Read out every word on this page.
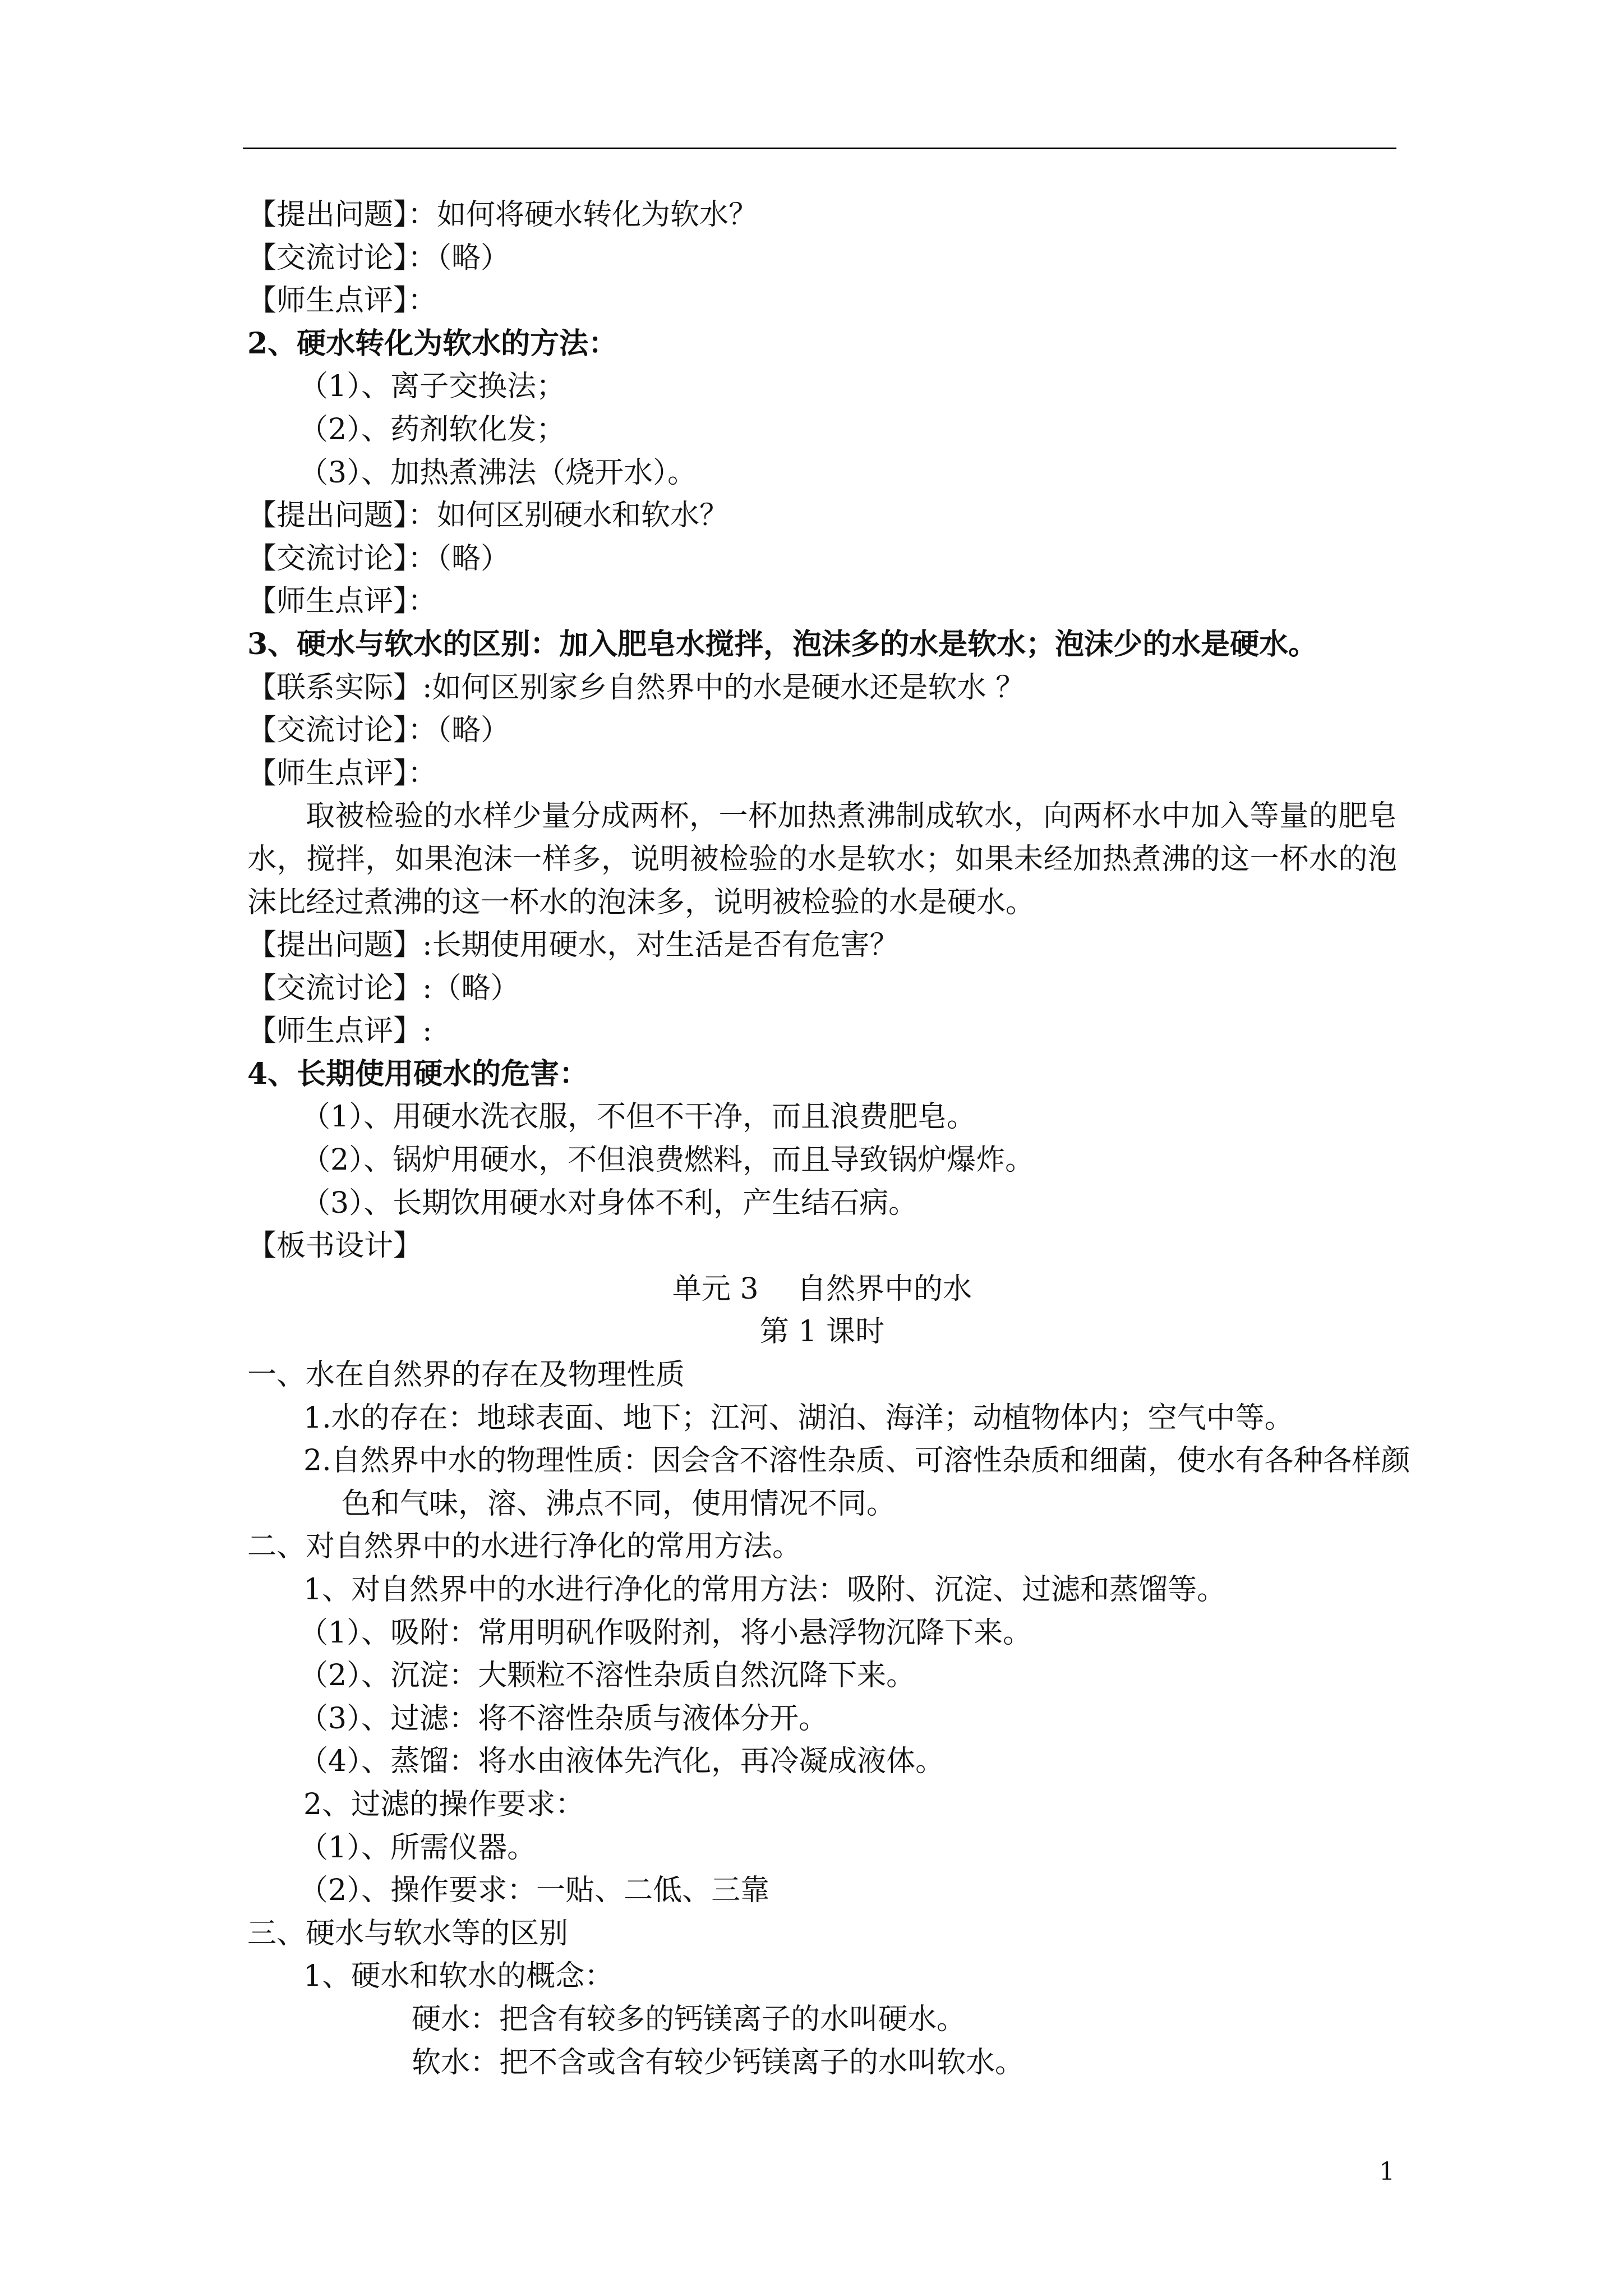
【提出问题】：如何将硬水转化为软水？
【交流讨论】：（略）
【师生点评】：
2、硬水转化为软水的方法：
（1）、离子交换法；
（2）、药剂软化发；
（3）、加热煮沸法（烧开水）。
【提出问题】：如何区别硬水和软水？
【交流讨论】：（略）
【师生点评】：
3、硬水与软水的区别：加入肥皂水搅拌，泡沫多的水是软水；泡沫少的水是硬水。
【联系实际】:如何区别家乡自然界中的水是硬水还是软水 ？
【交流讨论】：（略）
【师生点评】：
取被检验的水样少量分成两杯，一杯加热煮沸制成软水，向两杯水中加入等量的肥皂水，搅拌，如果泡沫一样多，说明被检验的水是软水；如果未经加热煮沸的这一杯水的泡沫比经过煮沸的这一杯水的泡沫多，说明被检验的水是硬水。
【提出问题】:长期使用硬水，对生活是否有危害？
【交流讨论】:（略）
【师生点评】:
4、长期使用硬水的危害：
（1）、用硬水洗衣服，不但不干净，而且浪费肥皂。
（2）、锅炉用硬水，不但浪费燃料，而且导致锅炉爆炸。
（3）、长期饮用硬水对身体不利，产生结石病。
【板书设计】
单元 3　 自然界中的水
第 1 课时
一、水在自然界的存在及物理性质
1.水的存在：地球表面、地下；江河、湖泊、海洋；动植物体内；空气中等。
2.自然界中水的物理性质：因会含不溶性杂质、可溶性杂质和细菌，使水有各种各样颜
色和气味，溶、沸点不同，使用情况不同。
二、对自然界中的水进行净化的常用方法。
1、对自然界中的水进行净化的常用方法：吸附、沉淀、过滤和蒸馏等。
（1）、吸附：常用明矾作吸附剂，将小悬浮物沉降下来。
（2）、沉淀：大颗粒不溶性杂质自然沉降下来。
（3）、过滤：将不溶性杂质与液体分开。
（4）、蒸馏：将水由液体先汽化，再冷凝成液体。
2、过滤的操作要求：
（1）、所需仪器。
（2）、操作要求：一贴、二低、三靠
三、硬水与软水等的区别
1、硬水和软水的概念：
硬水：把含有较多的钙镁离子的水叫硬水。
软水：把不含或含有较少钙镁离子的水叫软水。
1
